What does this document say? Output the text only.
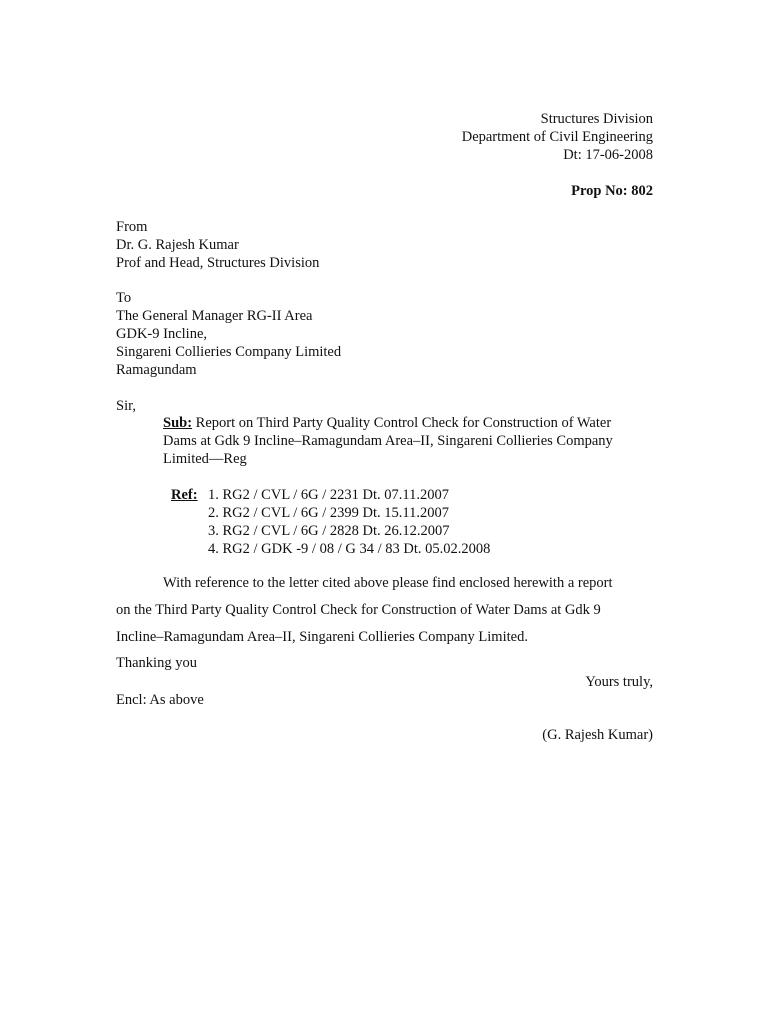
Structures Division
Department of Civil Engineering
Dt: 17-06-2008
Prop No: 802
From
Dr. G. Rajesh Kumar
Prof and Head, Structures Division
To
The General Manager RG-II Area
GDK-9 Incline,
Singareni Collieries Company Limited
Ramagundam
Sir,
Sub: Report on Third Party Quality Control Check for Construction of Water
Dams at Gdk 9 Incline–Ramagundam Area–II, Singareni Collieries Company
Limited—Reg
Ref: 1. RG2 / CVL / 6G / 2231 Dt. 07.11.2007
2. RG2 / CVL / 6G / 2399 Dt. 15.11.2007
3. RG2 / CVL / 6G / 2828 Dt. 26.12.2007
4. RG2 / GDK -9 / 08 / G 34 / 83 Dt. 05.02.2008
With reference to the letter cited above please find enclosed herewith a report
on the Third Party Quality Control Check for Construction of Water Dams at Gdk 9
Incline–Ramagundam Area–II, Singareni Collieries Company Limited.
Thanking you
Yours truly,
Encl: As above
(G. Rajesh Kumar)
